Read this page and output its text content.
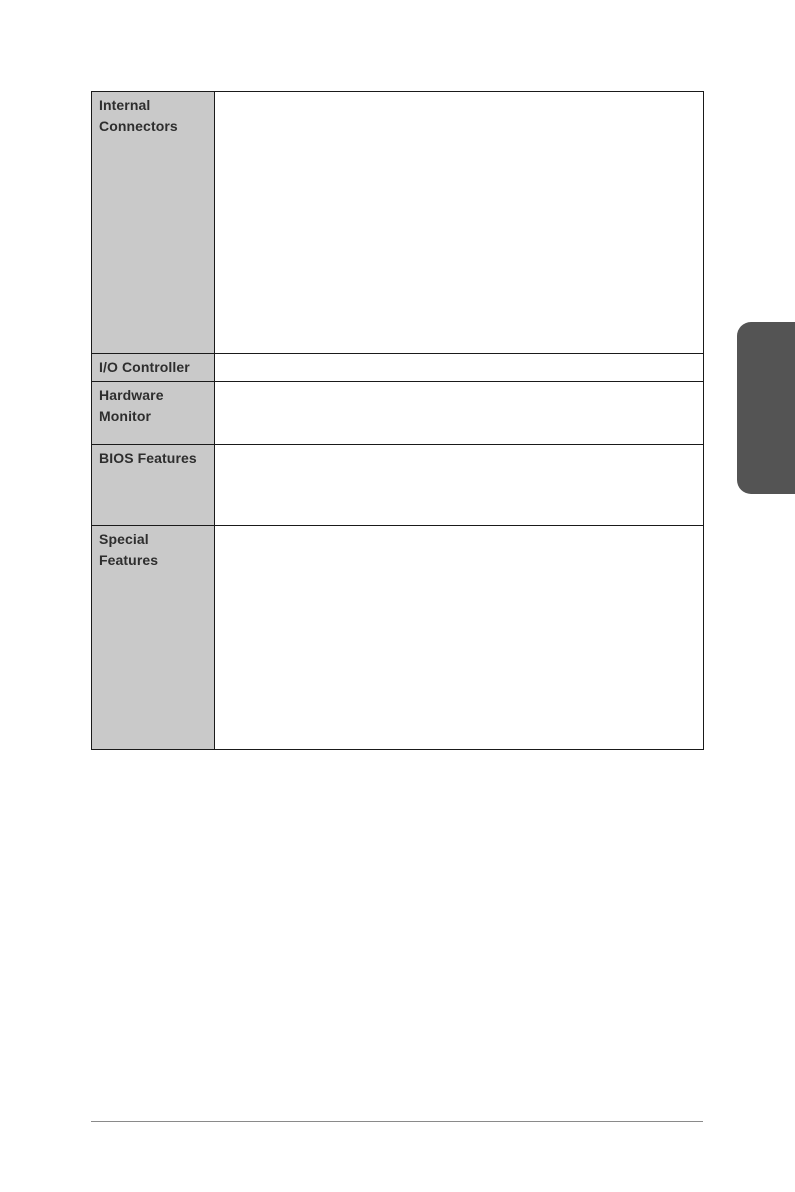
Internal
Connectors
I/O Controller
Hardware
Monitor
BIOS Features
Special
Features
